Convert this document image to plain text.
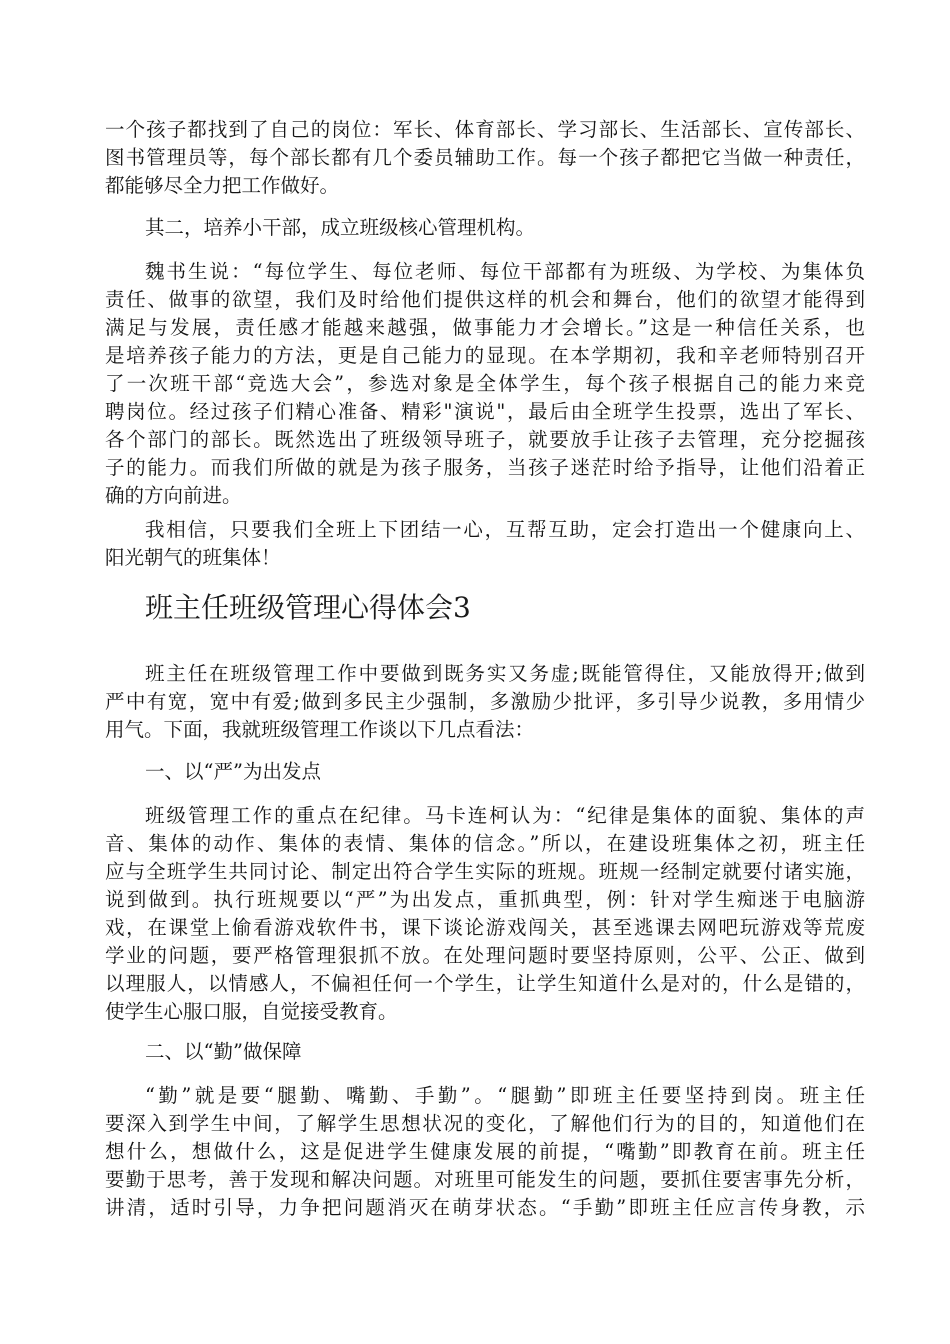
一个孩子都找到了自己的岗位：军长、体育部长、学习部长、生活部长、宣传部长、
图书管理员等，每个部长都有几个委员辅助工作。每一个孩子都把它当做一种责任，
都能够尽全力把工作做好。
其二，培养小干部，成立班级核心管理机构。
魏书生说：“每位学生、每位老师、每位干部都有为班级、为学校、为集体负
责任、做事的欲望，我们及时给他们提供这样的机会和舞台，他们的欲望才能得到
满足与发展，责任感才能越来越强，做事能力才会增长。”这是一种信任关系，也
是培养孩子能力的方法，更是自己能力的显现。在本学期初，我和辛老师特别召开
了一次班干部“竞选大会”，参选对象是全体学生，每个孩子根据自己的能力来竞
聘岗位。经过孩子们精心准备、精彩"演说"，最后由全班学生投票，选出了军长、
各个部门的部长。既然选出了班级领导班子，就要放手让孩子去管理，充分挖掘孩
子的能力。而我们所做的就是为孩子服务，当孩子迷茫时给予指导，让他们沿着正
确的方向前进。
我相信，只要我们全班上下团结一心，互帮互助，定会打造出一个健康向上、
阳光朝气的班集体！
班主任班级管理心得体会3
班主任在班级管理工作中要做到既务实又务虚;既能管得住，又能放得开;做到
严中有宽，宽中有爱;做到多民主少强制，多激励少批评，多引导少说教，多用情少
用气。下面，我就班级管理工作谈以下几点看法：
一、以“严”为出发点
班级管理工作的重点在纪律。马卡连柯认为：“纪律是集体的面貌、集体的声
音、集体的动作、集体的表情、集体的信念。”所以，在建设班集体之初，班主任
应与全班学生共同讨论、制定出符合学生实际的班规。班规一经制定就要付诸实施，
说到做到。执行班规要以“严”为出发点，重抓典型，例：针对学生痴迷于电脑游
戏，在课堂上偷看游戏软件书，课下谈论游戏闯关，甚至逃课去网吧玩游戏等荒废
学业的问题，要严格管理狠抓不放。在处理问题时要坚持原则，公平、公正、做到
以理服人，以情感人，不偏袒任何一个学生，让学生知道什么是对的，什么是错的，
使学生心服口服，自觉接受教育。
二、以“勤”做保障
“勤”就是要“腿勤、嘴勤、手勤”。“腿勤”即班主任要坚持到岗。班主任
要深入到学生中间，了解学生思想状况的变化，了解他们行为的目的，知道他们在
想什么，想做什么，这是促进学生健康发展的前提，“嘴勤”即教育在前。班主任
要勤于思考，善于发现和解决问题。对班里可能发生的问题，要抓住要害事先分析，
讲清，适时引导，力争把问题消灭在萌芽状态。“手勤”即班主任应言传身教，示
